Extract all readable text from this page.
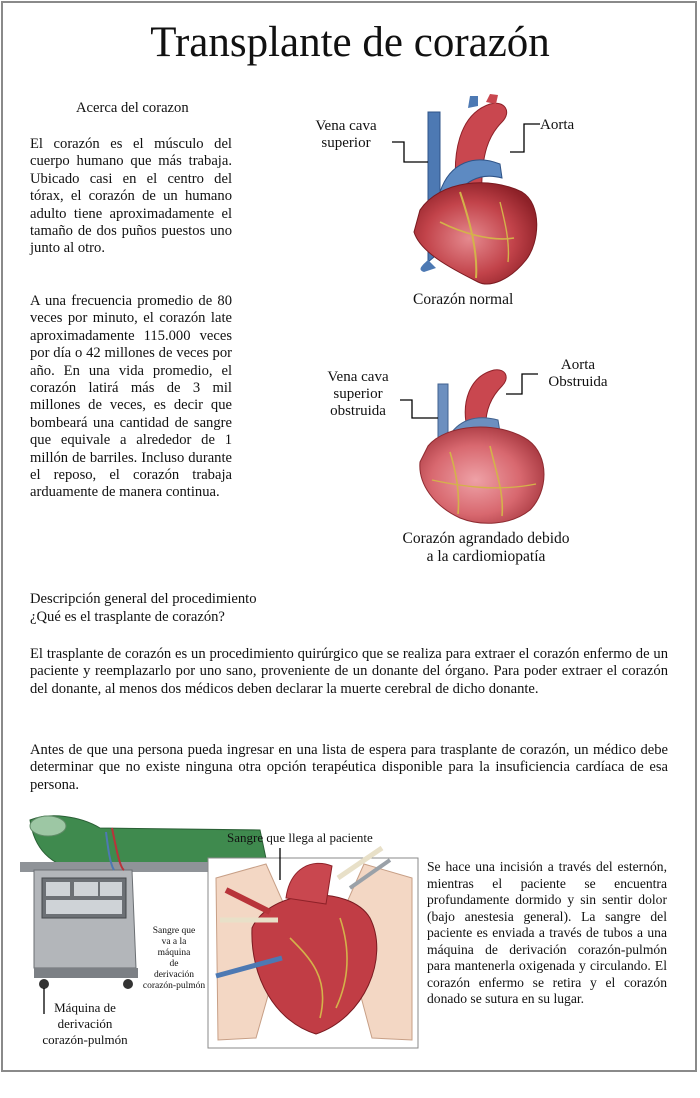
Transplante de corazón
Acerca del corazon

El corazón es el músculo del cuerpo humano que más trabaja. Ubicado casi en el centro del tórax, el corazón de un humano adulto tiene aproximadamente el tamaño de dos puños puestos uno junto al otro.

A una frecuencia promedio de 80 veces por minuto, el corazón late aproximadamente 115.000 veces por día o 42 millones de veces por año. En una vida promedio, el corazón latirá más de 3 mil millones de veces, es decir que bombeará una cantidad de sangre que equivale a alrededor de 1 millón de barriles. Incluso durante el reposo, el corazón trabaja arduamente de manera continua.

Vena cava
superior
Aorta
Corazón normal
Vena cava
superior
obstruida
Aorta
Obstruida
Corazón agrandado debido
a la cardiomiopatía
Descripción general del procedimiento
¿Qué es el trasplante de corazón?

El trasplante de corazón es un procedimiento quirúrgico que se realiza para extraer el corazón enfermo de un paciente y reemplazarlo por uno sano, proveniente de un donante del órgano. Para poder extraer el corazón del donante, al menos dos médicos deben declarar la muerte cerebral de dicho donante.

Antes de que una persona pueda ingresar en una lista de espera para trasplante de corazón, un médico debe determinar que no existe ninguna otra opción terapéutica disponible para la insuficiencia cardíaca de esa persona.

Sangre que llega al paciente
Sangre que
va a la
máquina
de
derivación
corazón-pulmón
Máquina de
derivación
corazón-pulmón

Se hace una incisión a través del esternón, mientras el paciente se encuentra profundamente dormido y sin sentir dolor (bajo anestesia general). La sangre del paciente es enviada a través de tubos a una máquina de derivación corazón-pulmón para mantenerla oxigenada y circulando. El corazón enfermo se retira y el corazón donado se sutura en su lugar.
